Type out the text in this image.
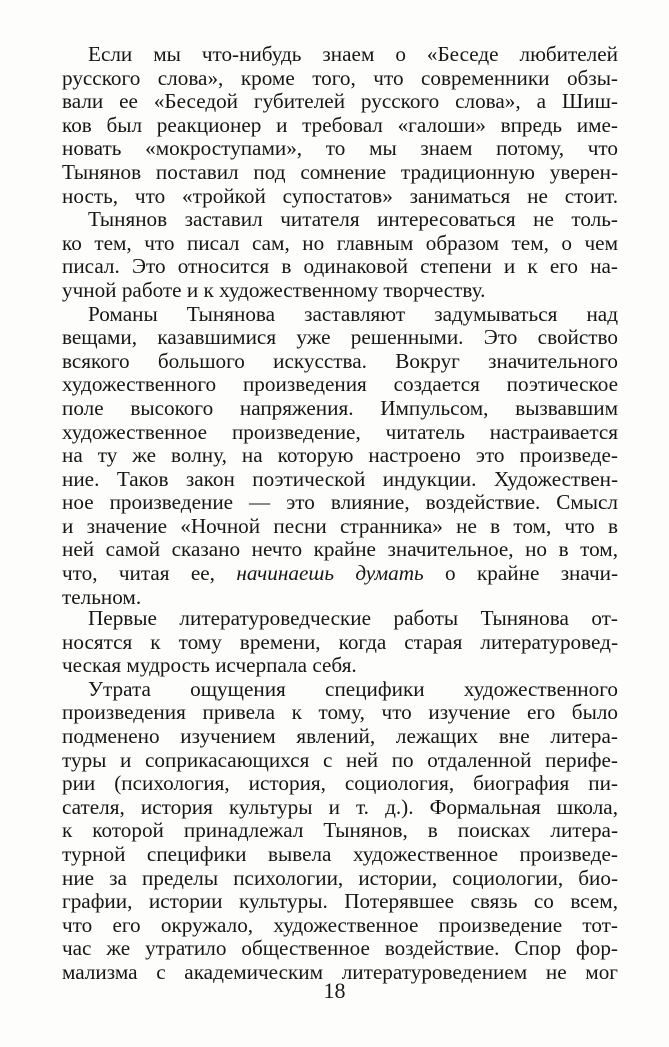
Если мы что-нибудь знаем о «Беседе любителей
русского слова», кроме того, что современники обзы-
вали ее «Беседой губителей русского слова», а Шиш-
ков был реакционер и требовал «галоши» впредь име-
новать «мокроступами», то мы знаем потому, что
Тынянов поставил под сомнение традиционную уверен-
ность, что «тройкой супостатов» заниматься не стоит.
Тынянов заставил читателя интересоваться не толь-
ко тем, что писал сам, но главным образом тем, о чем
писал. Это относится в одинаковой степени и к его на-
учной работе и к художественному творчеству.
Романы Тынянова заставляют задумываться над
вещами, казавшимися уже решенными. Это свойство
всякого большого искусства. Вокруг значительного
художественного произведения создается поэтическое
поле высокого напряжения. Импульсом, вызвавшим
художественное произведение, читатель настраивается
на ту же волну, на которую настроено это произведе-
ние. Таков закон поэтической индукции. Художествен-
ное произведение — это влияние, воздействие. Смысл
и значение «Ночной песни странника» не в том, что в
ней самой сказано нечто крайне значительное, но в том,
что, читая ее, начинаешь думать о крайне значи-
тельном.
Первые литературоведческие работы Тынянова от-
носятся к тому времени, когда старая литературовед-
ческая мудрость исчерпала себя.
Утрата ощущения специфики художественного
произведения привела к тому, что изучение его было
подменено изучением явлений, лежащих вне литера-
туры и соприкасающихся с ней по отдаленной перифе-
рии (психология, история, социология, биография пи-
сателя, история культуры и т. д.). Формальная школа,
к которой принадлежал Тынянов, в поисках литера-
турной специфики вывела художественное произведе-
ние за пределы психологии, истории, социологии, био-
графии, истории культуры. Потерявшее связь со всем,
что его окружало, художественное произведение тот-
час же утратило общественное воздействие. Спор фор-
мализма с академическим литературоведением не мог
18
